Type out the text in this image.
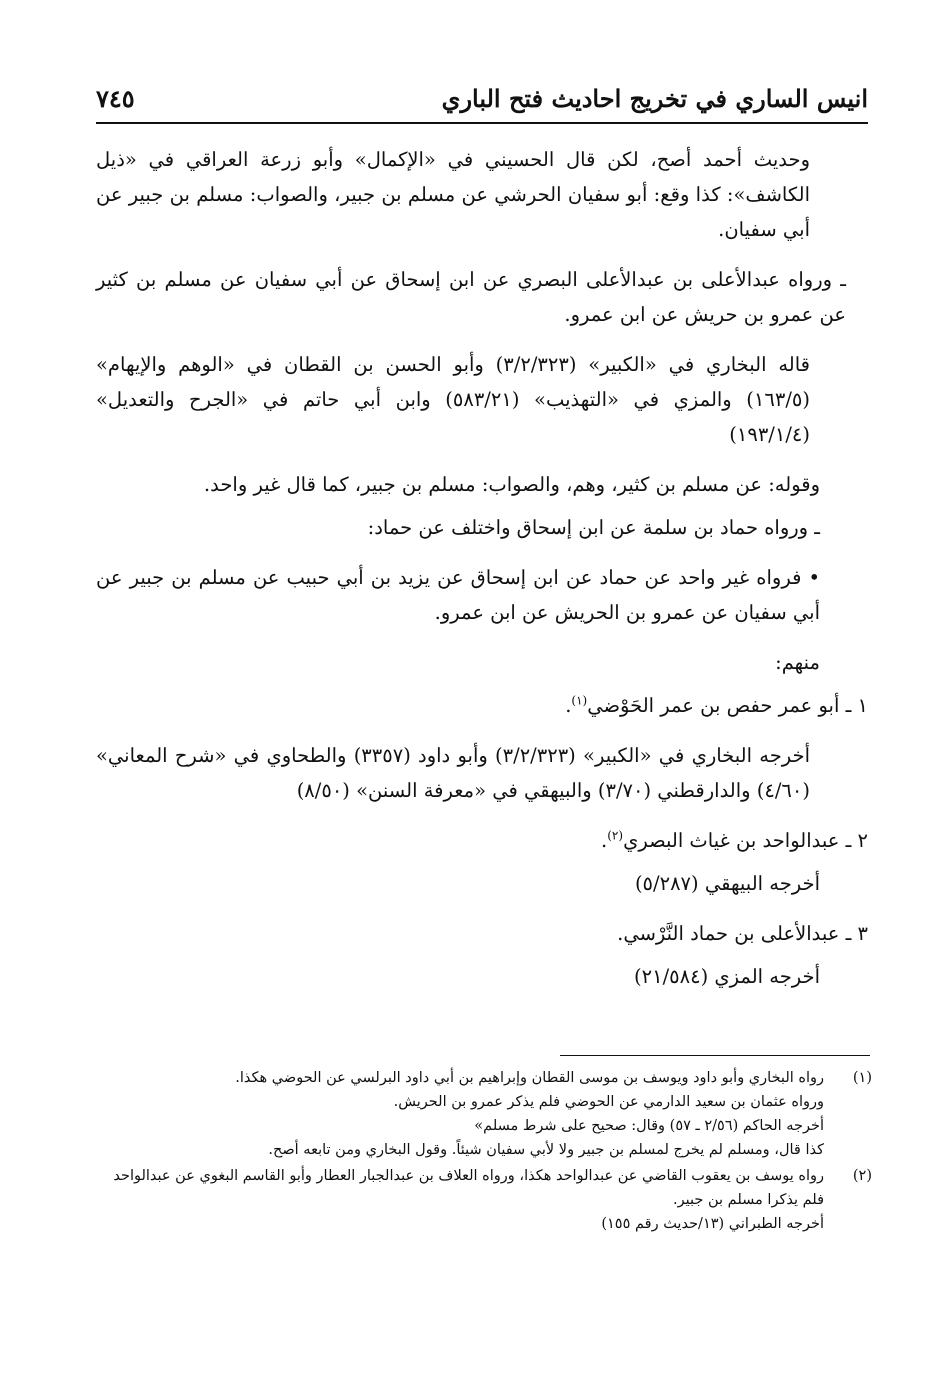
انيس الساري في تخريج احاديث فتح الباري
٧٤٥

وحديث أحمد أصح، لكن قال الحسيني في «الإكمال» وأبو زرعة العراقي في «ذيل الكاشف»: كذا وقع: أبو سفيان الحرشي عن مسلم بن جبير، والصواب: مسلم بن جبير عن أبي سفيان.

ـ ورواه عبدالأعلى بن عبدالأعلى البصري عن ابن إسحاق عن أبي سفيان عن مسلم بن كثير عن عمرو بن حريش عن ابن عمرو.

قاله البخاري في «الكبير» (٣/٢/٣٢٣) وأبو الحسن بن القطان في «الوهم والإيهام» (١٦٣/٥) والمزي في «التهذيب» (٥٨٣/٢١) وابن أبي حاتم في «الجرح والتعديل» (١٩٣/١/٤)

وقوله: عن مسلم بن كثير، وهم، والصواب: مسلم بن جبير، كما قال غير واحد.

ـ ورواه حماد بن سلمة عن ابن إسحاق واختلف عن حماد:

• فرواه غير واحد عن حماد عن ابن إسحاق عن يزيد بن أبي حبيب عن مسلم بن جبير عن أبي سفيان عن عمرو بن الحريش عن ابن عمرو.

منهم:

١ ـ أبو عمر حفص بن عمر الحَوْضي$^{(١)}$.

أخرجه البخاري في «الكبير» (٣/٢/٣٢٣) وأبو داود (٣٣٥٧) والطحاوي في «شرح المعاني» (٤/٦٠) والدارقطني (٣/٧٠) والبيهقي في «معرفة السنن» (٨/٥٠)

٢ ـ عبدالواحد بن غياث البصري$^{(٢)}$.

أخرجه البيهقي (٥/٢٨٧)

٣ ـ عبدالأعلى بن حماد النَّرْسي.

أخرجه المزي (٢١/٥٨٤)

(١)
رواه البخاري وأبو داود ويوسف بن موسى القطان وإبراهيم بن أبي داود البرلسي عن الحوضي هكذا.
ورواه عثمان بن سعيد الدارمي عن الحوضي فلم يذكر عمرو بن الحريش.
أخرجه الحاكم (٢/٥٦ ـ ٥٧) وقال: صحيح على شرط مسلم»
كذا قال، ومسلم لم يخرج لمسلم بن جبير ولا لأبي سفيان شيئاً. وقول البخاري ومن تابعه أصح.
(٢)
رواه يوسف بن يعقوب القاضي عن عبدالواحد هكذا، ورواه العلاف بن عبدالجبار العطار وأبو القاسم البغوي عن عبدالواحد فلم يذكرا مسلم بن جبير.
أخرجه الطبراني (١٣/حديث رقم ١٥٥)
